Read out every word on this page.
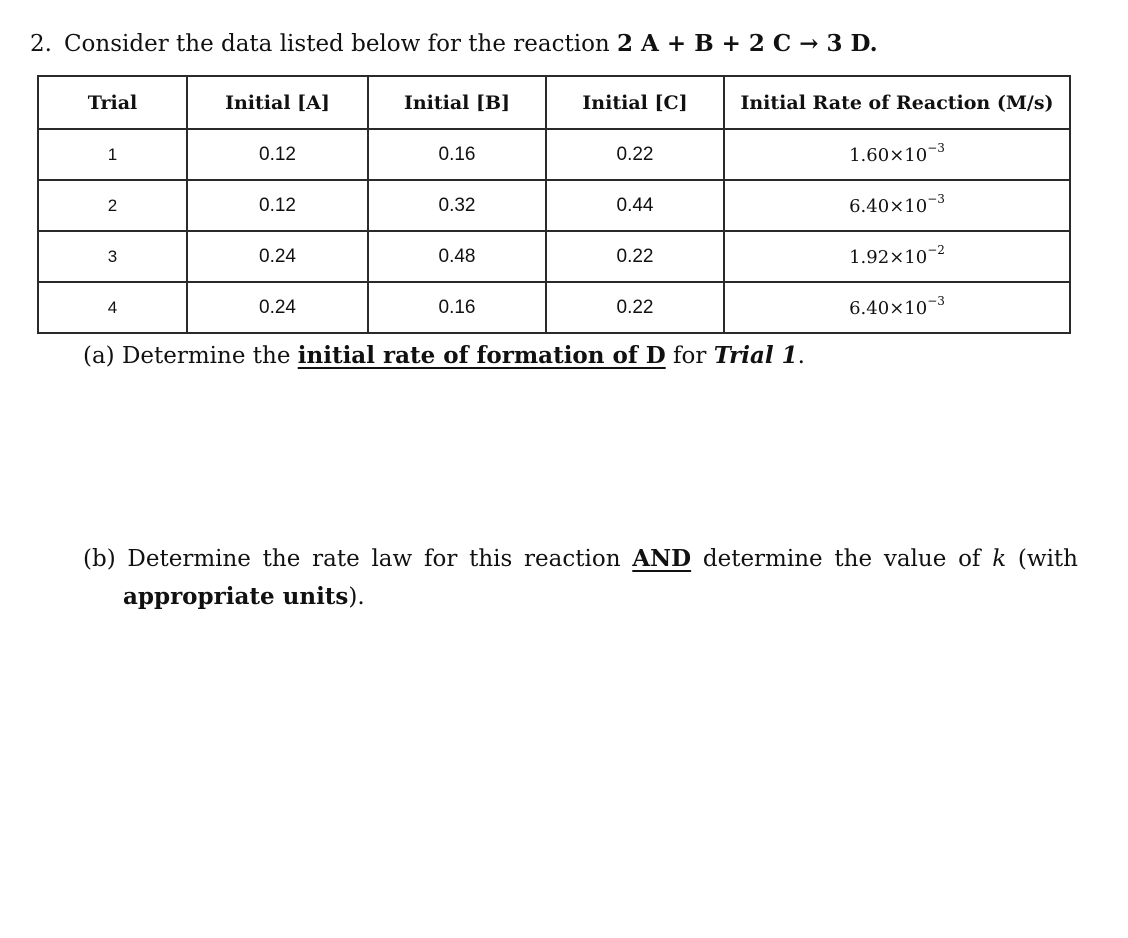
2. Consider the data listed below for the reaction 2 A + B + 2 C → 3 D.
Trial	Initial [A]	Initial [B]	Initial [C]	Initial Rate of Reaction (M/s)
1	0.12	0.16	0.22	$1.60\times 10^{-3}$
2	0.12	0.32	0.44	$6.40\times 10^{-3}$
3	0.24	0.48	0.22	$1.92\times 10^{-2}$
4	0.24	0.16	0.22	$6.40\times 10^{-3}$
(a) Determine the initial rate of formation of D for Trial 1.
(b) Determine the rate law for this reaction AND determine the value of k (with
appropriate units).
